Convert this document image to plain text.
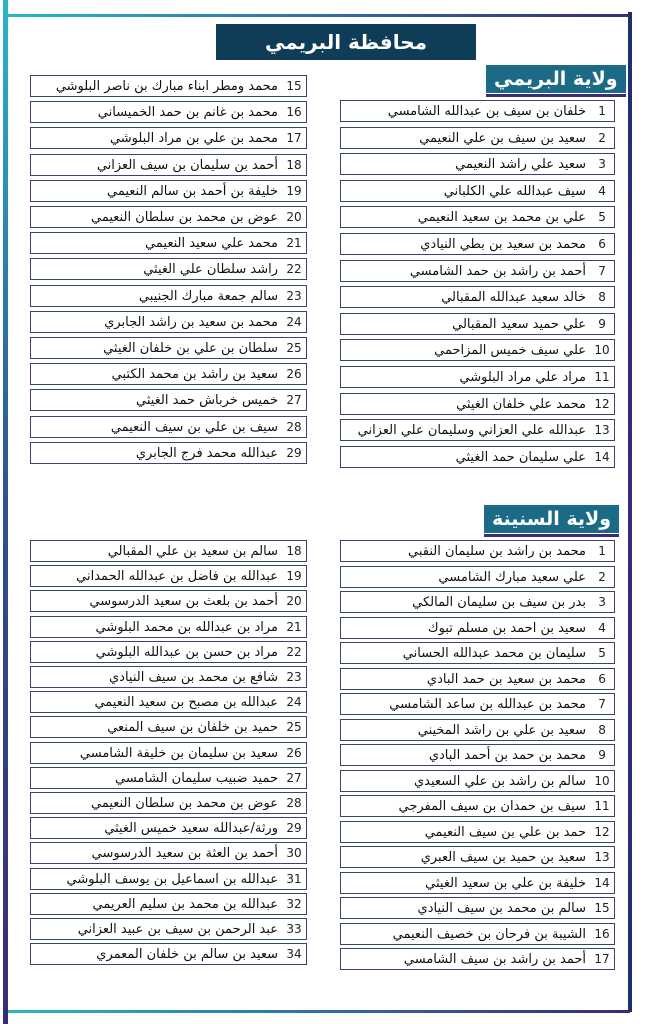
محافظة البريمي
ولاية البريمي
ولاية السنينة
1
خلفان بن سيف بن عبدالله الشامسي
2
سعيد بن سيف بن علي النعيمي
3
سعيد علي راشد النعيمي
4
سيف عبدالله علي الكلباني
5
علي بن محمد بن سعيد النعيمي
6
محمد بن سعيد بن بطي النيادي
7
أحمد بن راشد بن حمد الشامسي
8
خالد سعيد عبدالله المقبالي
9
علي حميد سعيد المقبالي
10
علي سيف خميس المزاحمي
11
مراد علي مراد البلوشي
12
محمد علي خلفان الغيثي
13
عبدالله علي العزاني وسليمان علي العزاني
14
علي سليمان حمد الغيثي
15
محمد ومطر ابناء مبارك بن ناصر البلوشي
16
محمد بن غانم بن حمد الخميساني
17
محمد بن علي بن مراد البلوشي
18
أحمد بن سليمان بن سيف العزاني
19
خليفة بن أحمد بن سالم النعيمي
20
عوض بن محمد بن سلطان النعيمي
21
محمد علي سعيد النعيمي
22
راشد سلطان علي الغيثي
23
سالم جمعة مبارك الجنيبي
24
محمد بن سعيد بن راشد الجابري
25
سلطان بن علي بن خلفان الغيثي
26
سعيد بن راشد بن محمد الكتبي
27
خميس خرباش حمد الغيثي
28
سيف بن علي بن سيف النعيمي
29
عبدالله محمد فرج الجابري
1
محمد بن راشد بن سليمان النقبي
2
علي سعيد مبارك الشامسي
3
بدر بن سيف بن سليمان المالكي
4
سعيد بن احمد بن مسلم تبوك
5
سليمان بن محمد عبدالله الحساني
6
محمد بن سعيد بن حمد البادي
7
محمد بن عبدالله بن ساعد الشامسي
8
سعيد بن علي بن راشد المخيني
9
محمد بن حمد بن أحمد البادي
10
سالم بن راشد بن علي السعيدي
11
سيف بن حمدان بن سيف المفرجي
12
حمد بن علي بن سيف النعيمي
13
سعيد بن حميد بن سيف العبري
14
خليفة بن علي بن سعيد الغيثي
15
سالم بن محمد بن سيف النيادي
16
الشيبة بن فرحان بن خصيف النعيمي
17
أحمد بن راشد بن سيف الشامسي
18
سالم بن سعيد بن علي المقبالي
19
عبدالله بن فاضل بن عبدالله الحمداني
20
أحمد بن بلعث بن سعيد الدرسوسي
21
مراد بن عبدالله بن محمد البلوشي
22
مراد بن حسن بن عبدالله البلوشي
23
شافع بن محمد بن سيف النيادي
24
عبدالله بن مصبح بن سعيد النعيمي
25
حميد بن خلفان بن سيف المنعي
26
سعيد بن سليمان بن خليفة الشامسي
27
حميد ضبيب سليمان الشامسي
28
عوض بن محمد بن سلطان النعيمي
29
ورثة/عبدالله سعيد خميس الغيثي
30
أحمد بن العثة بن سعيد الدرسوسي
31
عبدالله بن اسماعيل بن يوسف البلوشي
32
عبدالله بن محمد بن سليم العريمي
33
عبد الرحمن بن سيف بن عبيد العزاني
34
سعيد بن سالم بن خلفان المعمري
